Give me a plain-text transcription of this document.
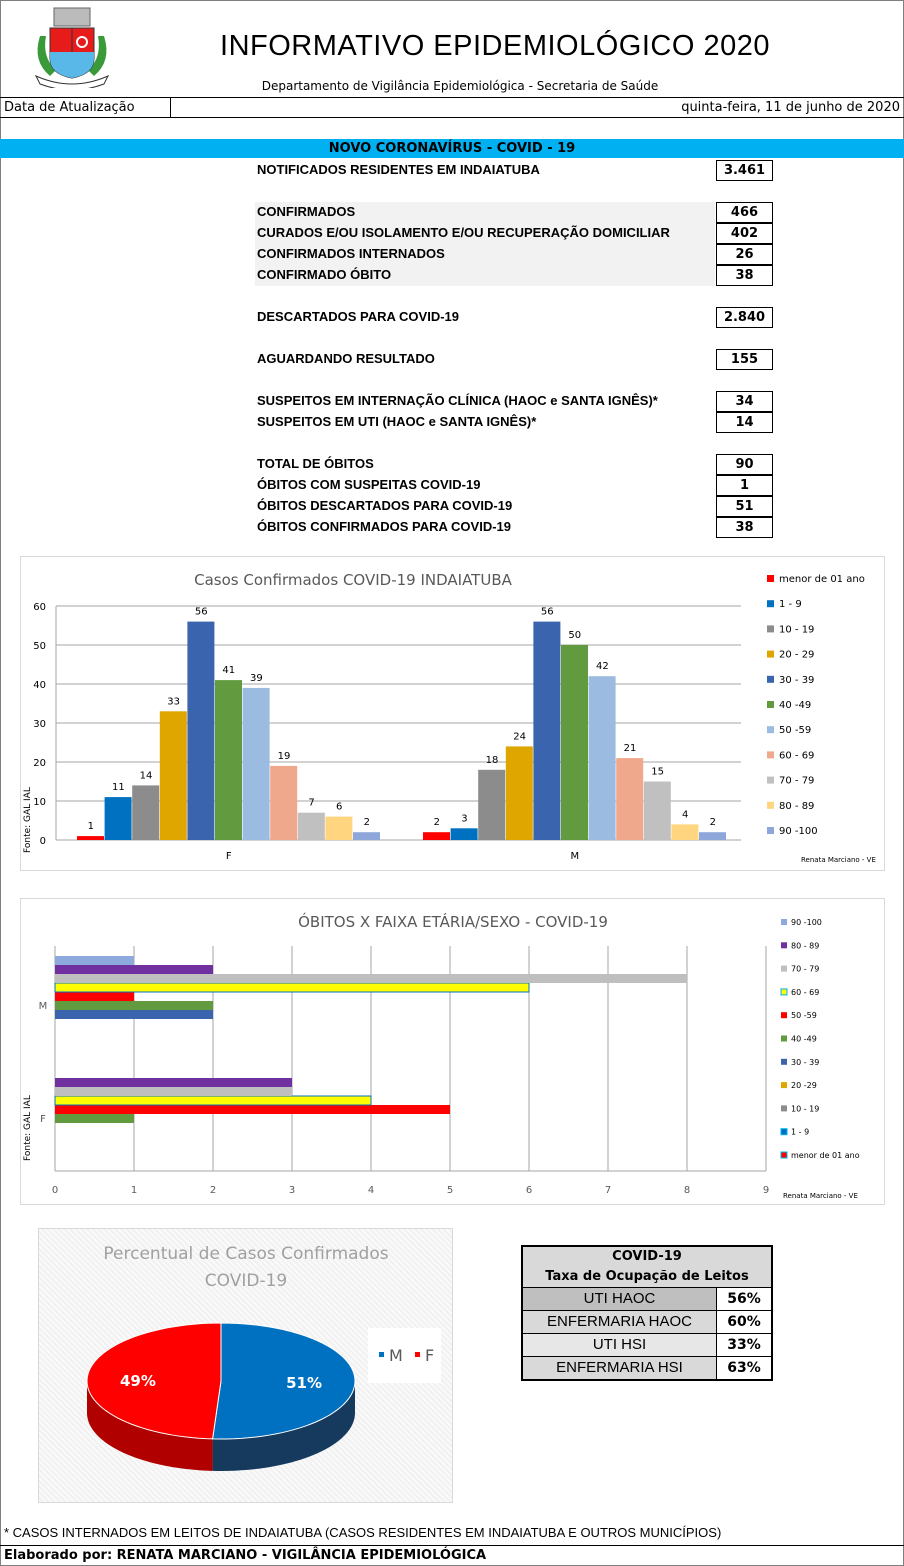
INFORMATIVO EPIDEMIOLÓGICO 2020
Departamento de Vigilância Epidemiológica - Secretaria de Saúde
Data de Atualização	quinta-feira, 11 de junho de 2020
NOVO CORONAVÍRUS - COVID - 19
NOTIFICADOS RESIDENTES EM INDAIATUBA	3.461
CONFIRMADOS	466
CURADOS E/OU ISOLAMENTO E/OU RECUPERAÇÃO DOMICILIAR	402
CONFIRMADOS INTERNADOS	26
CONFIRMADO ÓBITO	38
DESCARTADOS PARA COVID-19	2.840
AGUARDANDO RESULTADO	155
SUSPEITOS EM INTERNAÇÃO CLÍNICA (HAOC e SANTA IGNÊS)*	34
SUSPEITOS EM UTI (HAOC e SANTA IGNÊS)*	14
TOTAL DE ÓBITOS	90
ÓBITOS COM SUSPEITAS COVID-19	1
ÓBITOS DESCARTADOS PARA COVID-19	51
ÓBITOS CONFIRMADOS PARA COVID-19	38
Casos Confirmados COVID-19 INDAIATUBA
0
10
20
30
40
50
60
1
11
14
33
56
41
39
19
7 6
2
F
2 3
18
24
56
50
42
21
15
4
2
M
menor de 01 ano
1 - 9
10 - 19
20 - 29
30 - 39
40 -49
50 -59
60 - 69
70 - 79
80 - 89
90 -100
Fonte: GAL IAL
Renata Marciano - VE
ÓBITOS X FAIXA ETÁRIA/SEXO - COVID-19
0	1	2	3	4	5	6	7	8	9
M
F
Fonte: GAL IAL
90 -100
80 - 89
70 - 79
60 - 69
50 -59
40 -49
30 - 39
20 -29
10 - 19
1 - 9
menor de 01 ano
Renata Marciano - VE
Percentual de Casos Confirmados
COVID-19
51%
49%
M F
COVID-19
Taxa de Ocupação de Leitos
UTI HAOC	56%
ENFERMARIA HAOC	60%
UTI HSI	33%
ENFERMARIA HSI	63%
* CASOS INTERNADOS EM LEITOS DE INDAIATUBA (CASOS RESIDENTES EM INDAIATUBA E OUTROS MUNICÍPIOS)
Elaborado por: RENATA MARCIANO - VIGILÂNCIA EPIDEMIOLÓGICA
